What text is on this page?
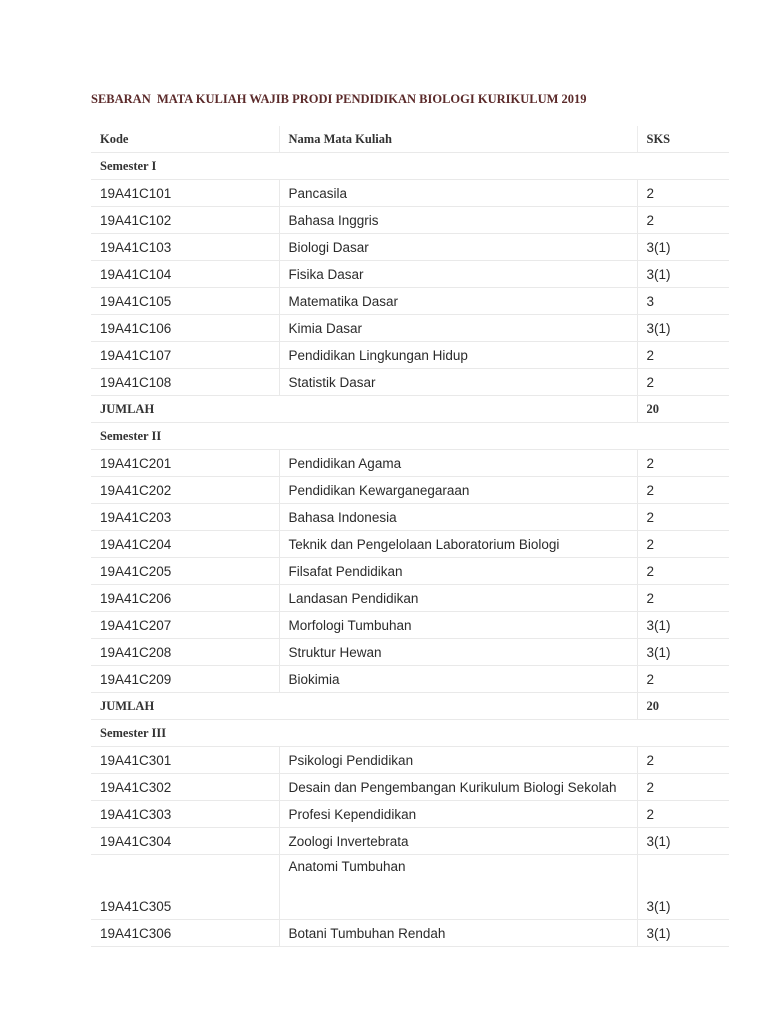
SEBARAN  MATA KULIAH WAJIB PRODI PENDIDIKAN BIOLOGI KURIKULUM 2019
Kode	Nama Mata Kuliah	SKS
Semester I		
19A41C101	Pancasila	2
19A41C102	Bahasa Inggris	2
19A41C103	Biologi Dasar	3(1)
19A41C104	Fisika Dasar	3(1)
19A41C105	Matematika Dasar	3
19A41C106	Kimia Dasar	3(1)
19A41C107	Pendidikan Lingkungan Hidup	2
19A41C108	Statistik Dasar	2
JUMLAH		20
Semester II		
19A41C201	Pendidikan Agama	2
19A41C202	Pendidikan Kewarganegaraan	2
19A41C203	Bahasa Indonesia	2
19A41C204	Teknik dan Pengelolaan Laboratorium Biologi	2
19A41C205	Filsafat Pendidikan	2
19A41C206	Landasan Pendidikan	2
19A41C207	Morfologi Tumbuhan	3(1)
19A41C208	Struktur Hewan	3(1)
19A41C209	Biokimia	2
JUMLAH		20
Semester III		
19A41C301	Psikologi Pendidikan	2
19A41C302	Desain dan Pengembangan Kurikulum Biologi Sekolah	2
19A41C303	Profesi Kependidikan	2
19A41C304	Zoologi Invertebrata	3(1)
19A41C305	Anatomi Tumbuhan	3(1)
19A41C306	Botani Tumbuhan Rendah	3(1)
